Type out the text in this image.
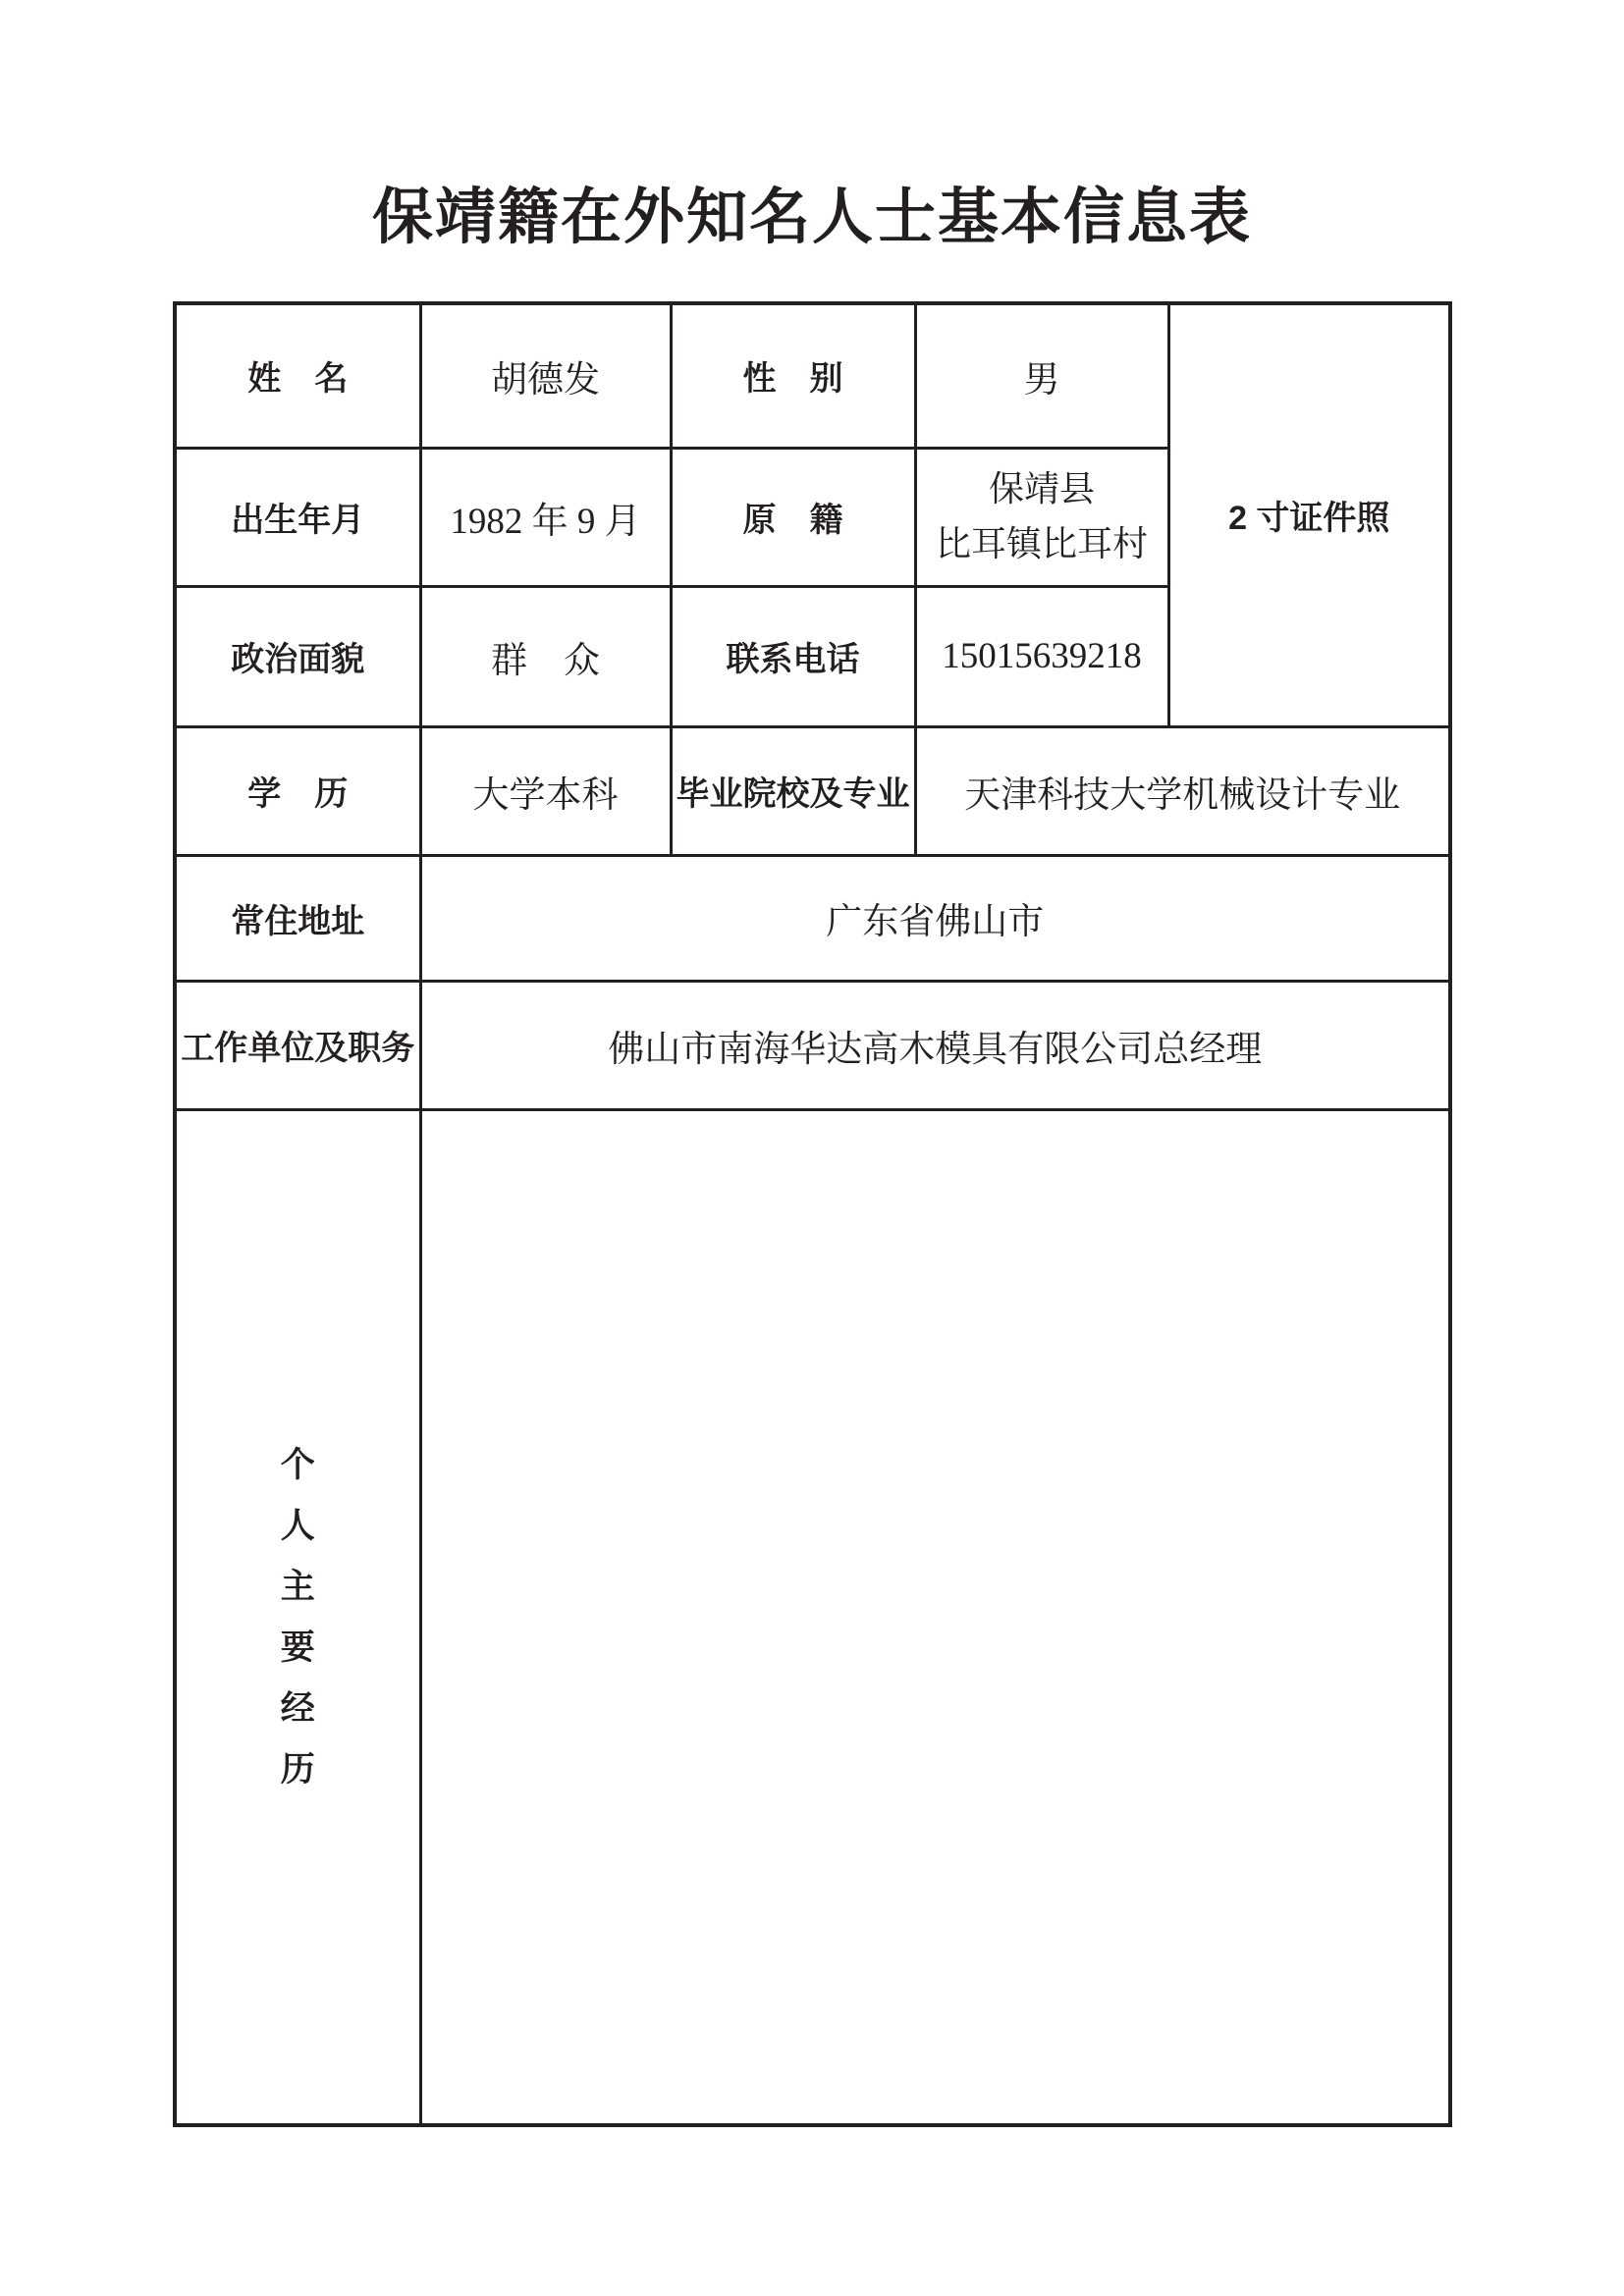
保靖籍在外知名人士基本信息表
姓　名	胡德发	性　别	男	2 寸证件照
出生年月	1982 年 9 月	原　籍	保靖县
比耳镇比耳村	

政治面貌	群　众	联系电话	15015639218	
学　历	大学本科	毕业院校及专业	天津科技大学机械设计专业	
常住地址	广东省佛山市			
工作单位及职务	佛山市南海华达高木模具有限公司总经理			

个
人
主
要
经
历
